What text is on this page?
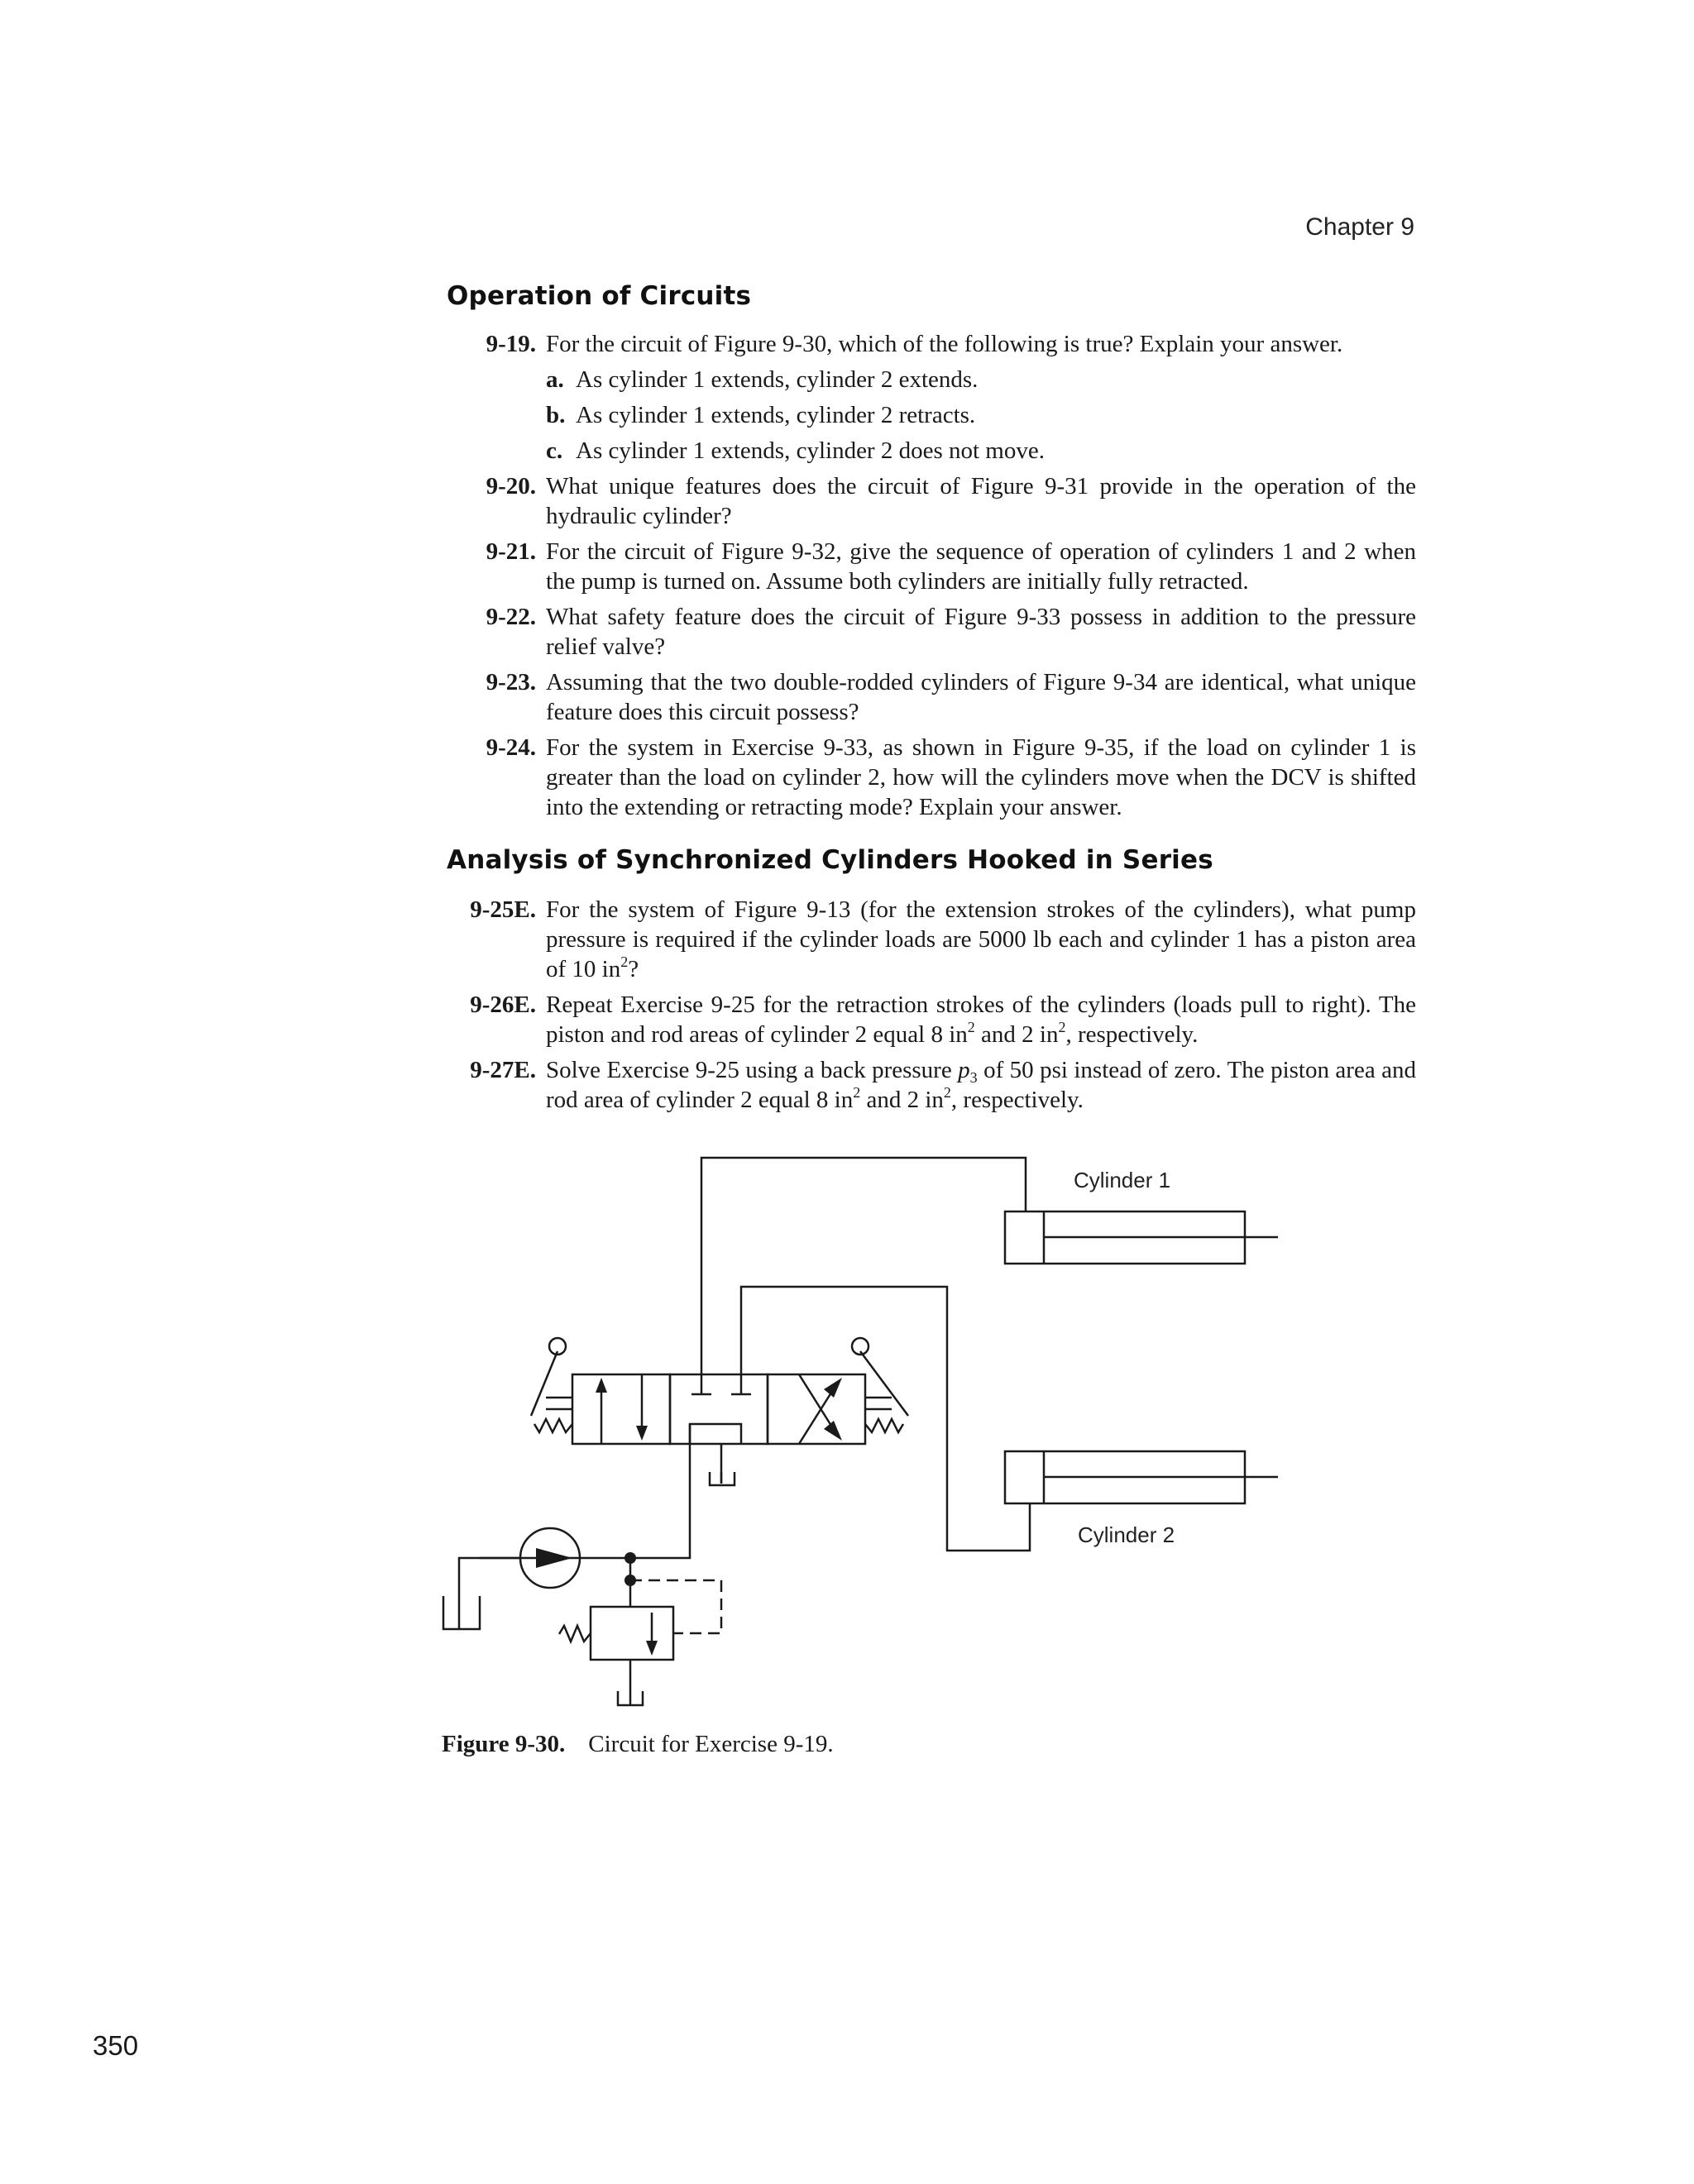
Chapter 9
Operation of Circuits
9-19. For the circuit of Figure 9-30, which of the following is true? Explain your answer.
a. As cylinder 1 extends, cylinder 2 extends.
b. As cylinder 1 extends, cylinder 2 retracts.
c. As cylinder 1 extends, cylinder 2 does not move.
9-20. What unique features does the circuit of Figure 9-31 provide in the operation of the hydraulic cylinder?
9-21. For the circuit of Figure 9-32, give the sequence of operation of cylinders 1 and 2 when the pump is turned on. Assume both cylinders are initially fully retracted.
9-22. What safety feature does the circuit of Figure 9-33 possess in addition to the pressure relief valve?
9-23. Assuming that the two double-rodded cylinders of Figure 9-34 are identical, what unique feature does this circuit possess?
9-24. For the system in Exercise 9-33, as shown in Figure 9-35, if the load on cylinder 1 is greater than the load on cylinder 2, how will the cylinders move when the DCV is shifted into the extending or retracting mode? Explain your answer.
Analysis of Synchronized Cylinders Hooked in Series
9-25E. For the system of Figure 9-13 (for the extension strokes of the cylinders), what pump pressure is required if the cylinder loads are 5000 lb each and cylinder 1 has a piston area of 10 $in^2$?
9-26E. Repeat Exercise 9-25 for the retraction strokes of the cylinders (loads pull to right). The piston and rod areas of cylinder 2 equal 8 $in^2$ and 2 $in^2$, respectively.
9-27E. Solve Exercise 9-25 using a back pressure $p_3$ of 50 psi instead of zero. The piston area and rod area of cylinder 2 equal 8 $in^2$ and 2 $in^2$, respectively.
Cylinder 1
Cylinder 2
Figure 9-30. Circuit for Exercise 9-19.
350
